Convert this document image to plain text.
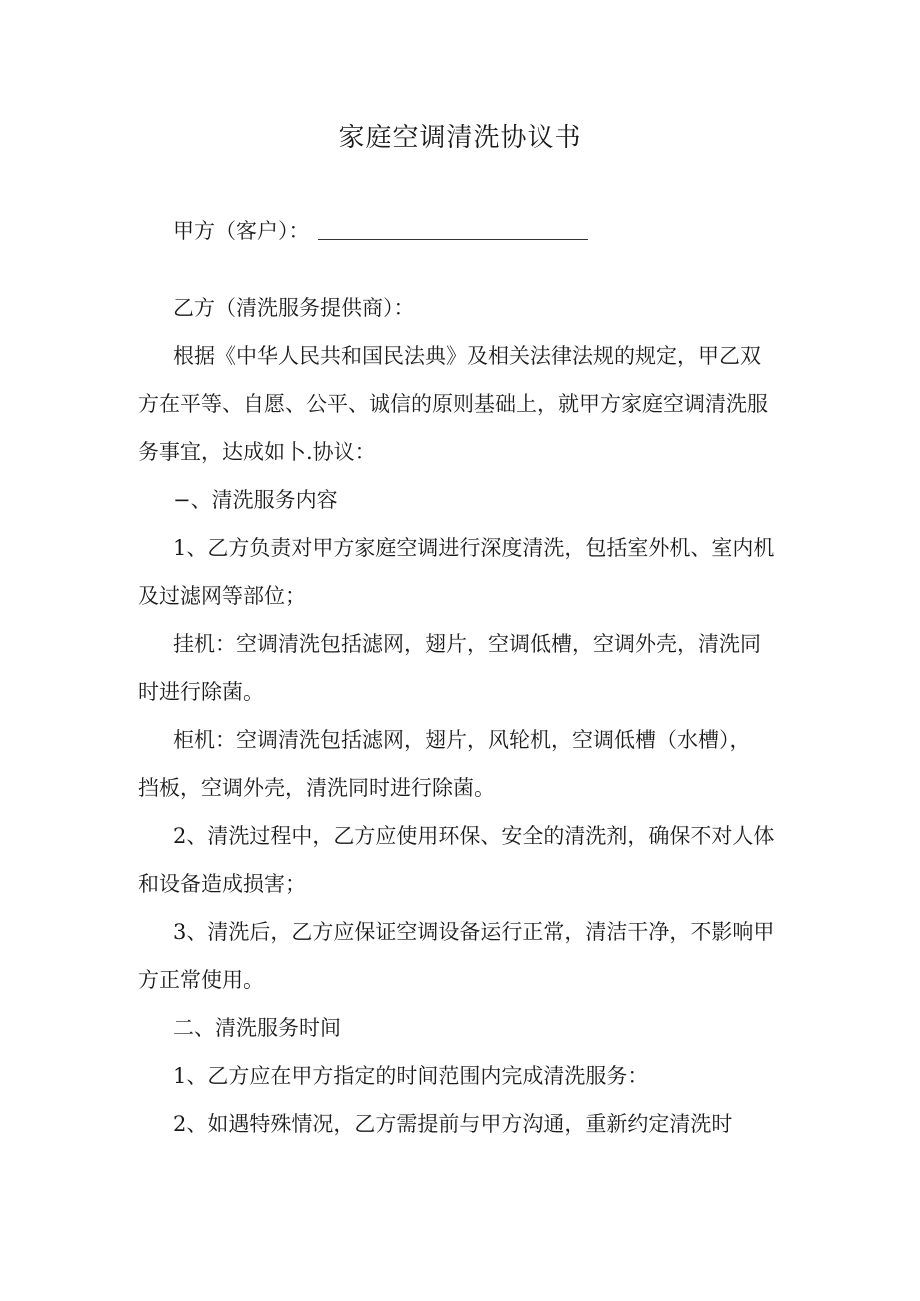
家庭空调清洗协议书
甲方（客户）：

乙方（清洗服务提供商）：

根据《中华人民共和国民法典》及相关法律法规的规定，甲乙双
方在平等、自愿、公平、诚信的原则基础上，就甲方家庭空调清洗服
务事宜，达成如卜.协议：

−、清洗服务内容

1、乙方负责对甲方家庭空调进行深度清洗，包括室外机、室内机
及过滤网等部位；

挂机：空调清洗包括滤网，翅片，空调低槽，空调外壳，清洗同
时进行除菌。

柜机：空调清洗包括滤网，翅片，风轮机，空调低槽（水槽），
挡板，空调外壳，清洗同时进行除菌。

2、清洗过程中，乙方应使用环保、安全的清洗剂，确保不对人体
和设备造成损害；

3、清洗后，乙方应保证空调设备运行正常，清洁干净，不影响甲
方正常使用。

二、清洗服务时间

1、乙方应在甲方指定的时间范围内完成清洗服务：

2、如遇特殊情况，乙方需提前与甲方沟通，重新约定清洗时
